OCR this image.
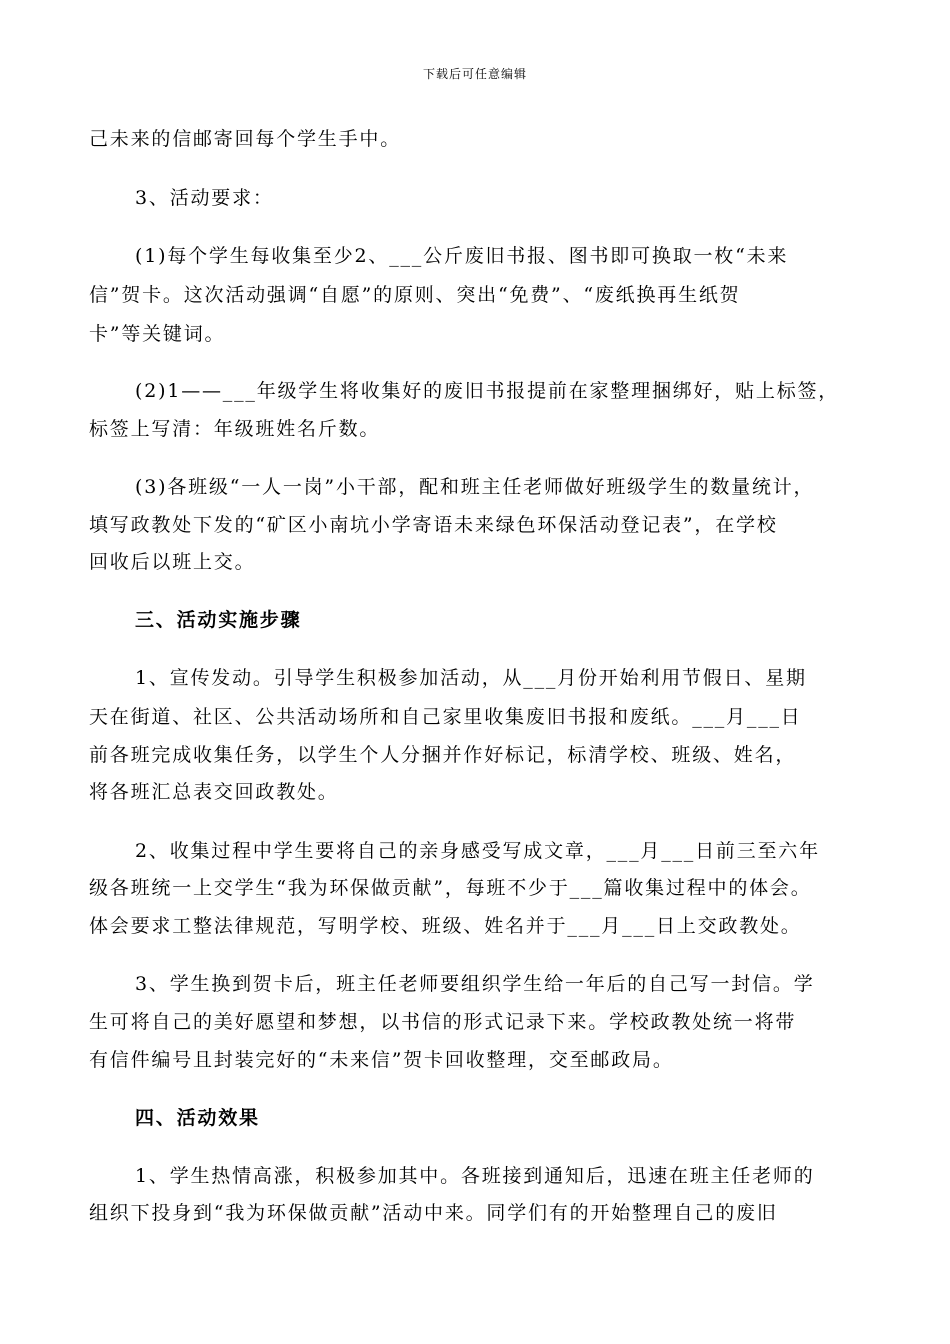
下载后可任意编辑
己未来的信邮寄回每个学生手中。
3、活动要求：
(1)每个学生每收集至少2、___公斤废旧书报、图书即可换取一枚“未来
信”贺卡。这次活动强调“自愿”的原则、突出“免费”、“废纸换再生纸贺
卡”等关键词。
(2)1——___年级学生将收集好的废旧书报提前在家整理捆绑好，贴上标签，
标签上写清：年级班姓名斤数。
(3)各班级“一人一岗”小干部，配和班主任老师做好班级学生的数量统计，
填写政教处下发的“矿区小南坑小学寄语未来绿色环保活动登记表”，在学校
回收后以班上交。
三、活动实施步骤
1、宣传发动。引导学生积极参加活动，从___月份开始利用节假日、星期
天在街道、社区、公共活动场所和自己家里收集废旧书报和废纸。___月___日
前各班完成收集任务，以学生个人分捆并作好标记，标清学校、班级、姓名，
将各班汇总表交回政教处。
2、收集过程中学生要将自己的亲身感受写成文章，___月___日前三至六年
级各班统一上交学生“我为环保做贡献”，每班不少于___篇收集过程中的体会。
体会要求工整法律规范，写明学校、班级、姓名并于___月___日上交政教处。
3、学生换到贺卡后，班主任老师要组织学生给一年后的自己写一封信。学
生可将自己的美好愿望和梦想，以书信的形式记录下来。学校政教处统一将带
有信件编号且封装完好的“未来信”贺卡回收整理，交至邮政局。
四、活动效果
1、学生热情高涨，积极参加其中。各班接到通知后，迅速在班主任老师的
组织下投身到“我为环保做贡献”活动中来。同学们有的开始整理自己的废旧
